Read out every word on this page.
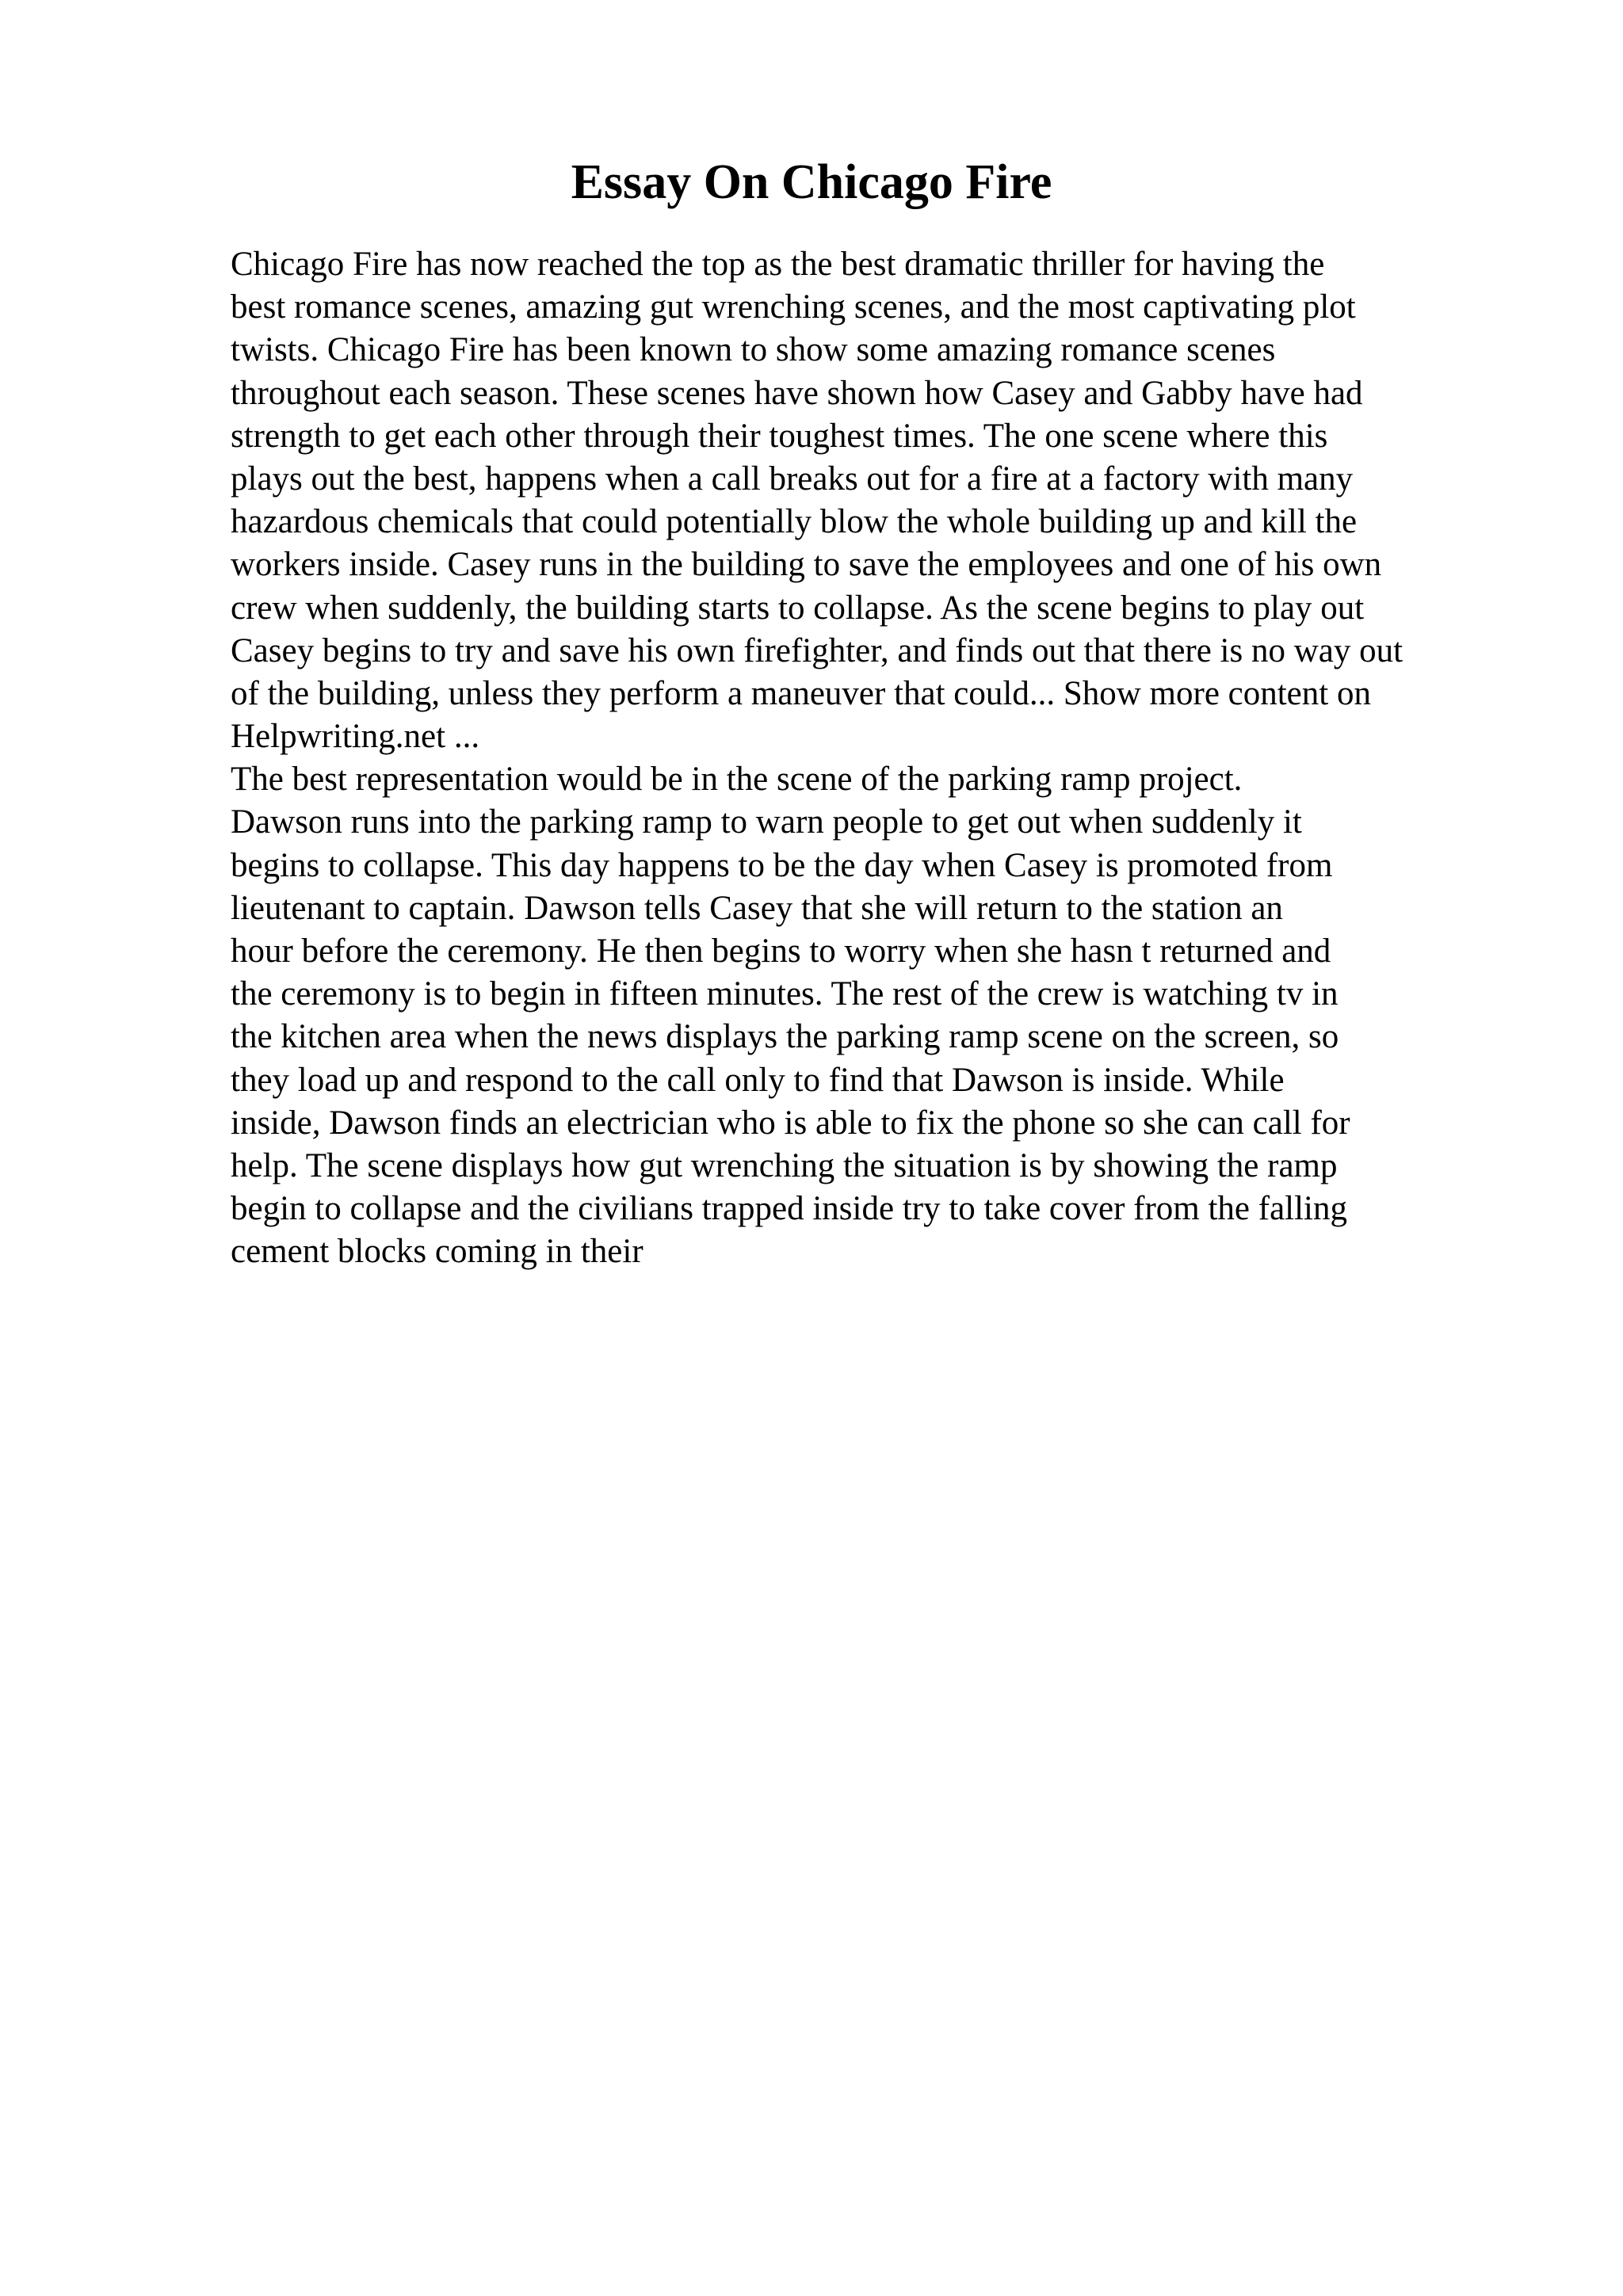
Essay On Chicago Fire
Chicago Fire has now reached the top as the best dramatic thriller for having the
best romance scenes, amazing gut wrenching scenes, and the most captivating plot
twists. Chicago Fire has been known to show some amazing romance scenes
throughout each season. These scenes have shown how Casey and Gabby have had
strength to get each other through their toughest times. The one scene where this
plays out the best, happens when a call breaks out for a fire at a factory with many
hazardous chemicals that could potentially blow the whole building up and kill the
workers inside. Casey runs in the building to save the employees and one of his own
crew when suddenly, the building starts to collapse. As the scene begins to play out
Casey begins to try and save his own firefighter, and finds out that there is no way out
of the building, unless they perform a maneuver that could... Show more content on
Helpwriting.net ...
The best representation would be in the scene of the parking ramp project.
Dawson runs into the parking ramp to warn people to get out when suddenly it
begins to collapse. This day happens to be the day when Casey is promoted from
lieutenant to captain. Dawson tells Casey that she will return to the station an
hour before the ceremony. He then begins to worry when she hasn t returned and
the ceremony is to begin in fifteen minutes. The rest of the crew is watching tv in
the kitchen area when the news displays the parking ramp scene on the screen, so
they load up and respond to the call only to find that Dawson is inside. While
inside, Dawson finds an electrician who is able to fix the phone so she can call for
help. The scene displays how gut wrenching the situation is by showing the ramp
begin to collapse and the civilians trapped inside try to take cover from the falling
cement blocks coming in their
